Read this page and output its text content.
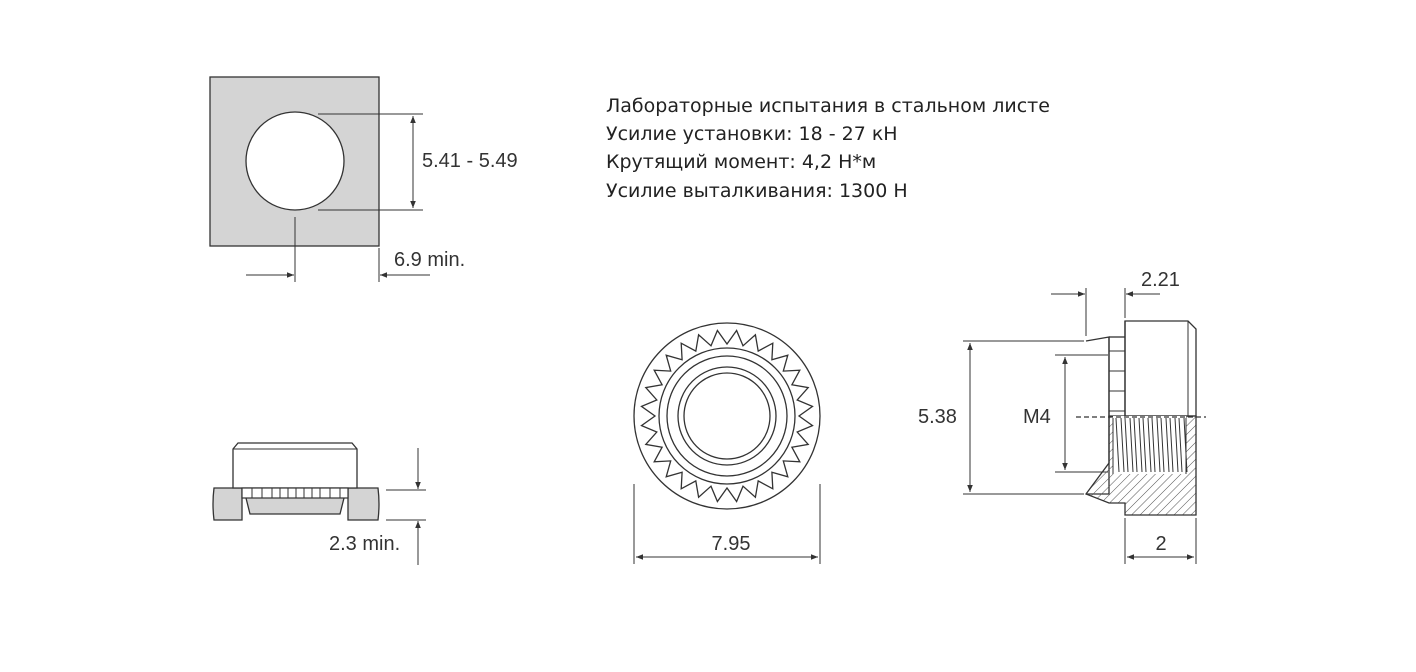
5.41 - 5.49
6.9 min.
Лабораторные испытания в стальном листе
Усилие установки: 18 - 27 кН
Крутящий момент: 4,2 Н*м
Усилие выталкивания: 1300 Н
2.3 min.	7.95
5.38	M4
2.21
2
